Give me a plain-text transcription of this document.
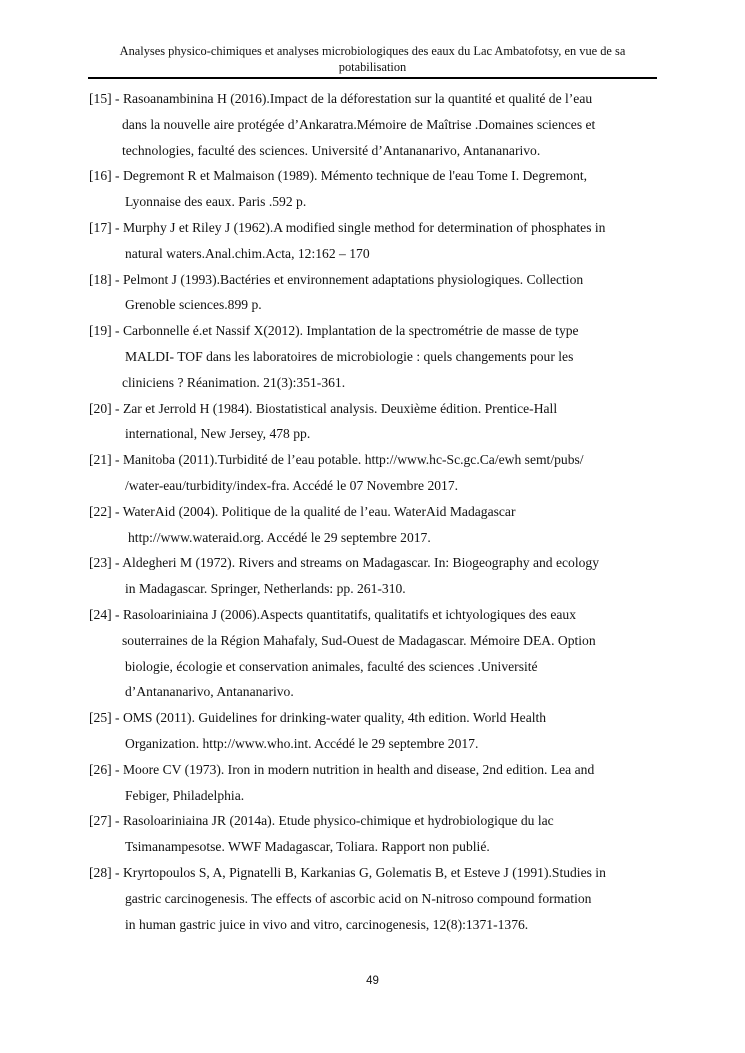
Analyses physico-chimiques et analyses microbiologiques des eaux du Lac Ambatofotsy, en vue de sa potabilisation
[15] - Rasoanambinina H (2016).Impact de la déforestation sur la quantité et qualité de l’eau
dans la nouvelle aire protégée d’Ankaratra.Mémoire de Maîtrise .Domaines sciences et
technologies, faculté des sciences. Université d’Antananarivo, Antananarivo.
[16] - Degremont R et Malmaison (1989). Mémento technique de l'eau Tome I. Degremont,
Lyonnaise des eaux. Paris .592 p.
[17] - Murphy J et Riley J (1962).A modified single method for determination of phosphates in
natural waters.Anal.chim.Acta, 12:162 – 170
[18] - Pelmont J (1993).Bactéries et environnement adaptations physiologiques. Collection
Grenoble sciences.899 p.
[19] - Carbonnelle é.et Nassif X(2012). Implantation de la spectrométrie de masse de type
MALDI- TOF dans les laboratoires de microbiologie : quels changements pour les
cliniciens ? Réanimation. 21(3):351-361.
[20] - Zar et Jerrold H (1984). Biostatistical analysis. Deuxième édition. Prentice-Hall
international, New Jersey, 478 pp.
[21] - Manitoba (2011).Turbidité de l’eau potable. http://www.hc-Sc.gc.Ca/ewh semt/pubs/
/water-eau/turbidity/index-fra. Accédé le 07 Novembre 2017.
[22] - WaterAid (2004). Politique de la qualité de l’eau. WaterAid Madagascar
http://www.wateraid.org. Accédé le 29 septembre 2017.
[23] - Aldegheri M (1972). Rivers and streams on Madagascar. In: Biogeography and ecology
in Madagascar. Springer, Netherlands: pp. 261-310.
[24] - Rasoloariniaina J (2006).Aspects quantitatifs, qualitatifs et ichtyologiques des eaux
souterraines de la Région Mahafaly, Sud-Ouest de Madagascar. Mémoire DEA. Option
biologie, écologie et conservation animales, faculté des sciences .Université
d’Antananarivo, Antananarivo.
[25] - OMS (2011). Guidelines for drinking-water quality, 4th edition. World Health
Organization. http://www.who.int. Accédé le 29 septembre 2017.
[26] - Moore CV (1973). Iron in modern nutrition in health and disease, 2nd edition. Lea and
Febiger, Philadelphia.
[27] - Rasoloariniaina JR (2014a). Etude physico-chimique et hydrobiologique du lac
Tsimanampesotse. WWF Madagascar, Toliara. Rapport non publié.
[28] - Kryrtopoulos S, A, Pignatelli B, Karkanias G, Golematis B, et Esteve J (1991).Studies in
gastric carcinogenesis. The effects of ascorbic acid on N-nitroso compound formation
in human gastric juice in vivo and vitro, carcinogenesis, 12(8):1371-1376.
49
